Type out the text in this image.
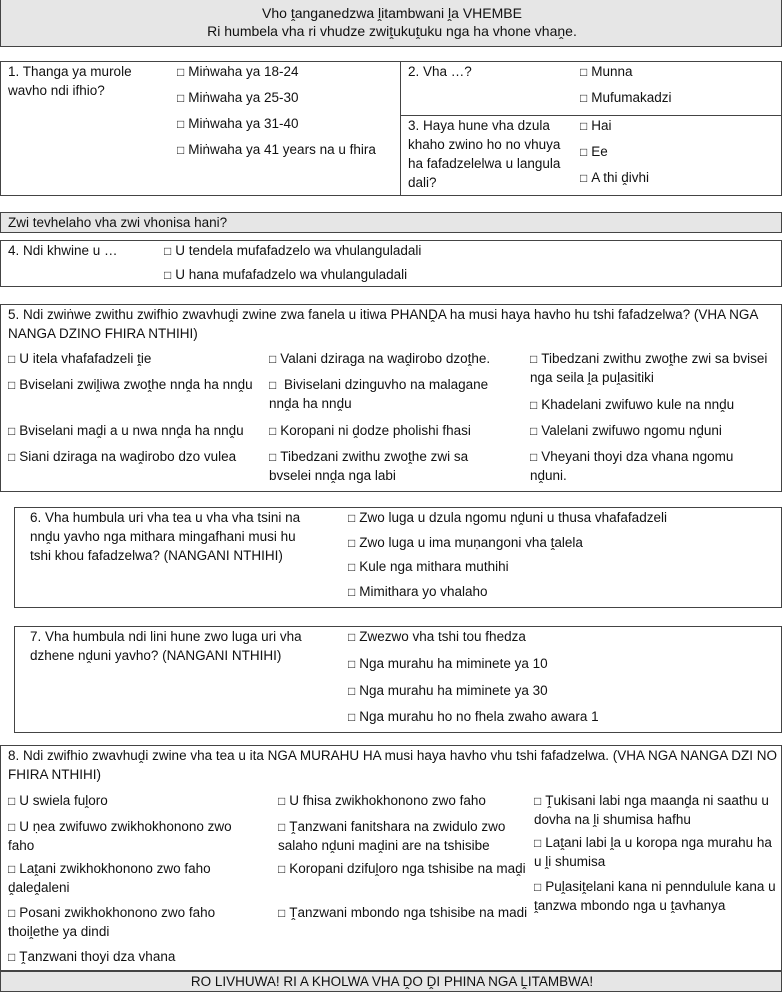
Vho ṱanganedzwa ḽitambwani ḽa VHEMBE
Ri humbela vha ri vhudze zwiṱukuṱuku nga ha vhone vhaṋe.
1. Thanga ya murole wavho ndi ifhio?
□ Miṅwaha ya 18-24
□ Miṅwaha ya 25-30
□ Miṅwaha ya 31-40
□ Miṅwaha ya 41 years na u fhira
2. Vha …?	□ Munna
□ Mufumakadzi
3. Haya hune vha dzula khaho zwino ho no vhuya ha fafadzelelwa u langula dali?
□ Hai
□ Ee
□ A thi ḓivhi
Zwi tevhelaho vha zwi vhonisa hani?
4. Ndi khwine u …	□ U tendela mufafadzelo wa vhulanguladali
□ U hana mufafadzelo wa vhulanguladali
5. Ndi zwiṅwe zwithu zwifhio zwavhuḓi zwine zwa fanela u itiwa PHANḒA ha musi haya havho hu tshi fafadzelwa? (VHA NGA NANGA DZINO FHIRA NTHIHI)
□ U itela vhafafadzeli ṱie
□ Bviselani zwiḽiwa zwoṱhe nnḓa ha nnḓu
□ Bviselani maḓi a u nwa nnḓa ha nnḓu
□ Siani dziraga na waḓirobo dzo vulea
□ Valani dziraga na waḓirobo dzoṱhe.
□ Biviselani dzinguvho na malagane nnḓa ha nnḓu
□ Koropani ni ḓodze pholishi fhasi
□ Tibedzani zwithu zwoṱhe zwi sa bvselei nnḓa nga labi
□ Tibedzani zwithu zwoṱhe zwi sa bvisei nga seila ḽa puḽasitiki
□ Khadelani zwifuwo kule na nnḓu
□ Valelani zwifuwo ngomu nḓuni
□ Vheyani thoyi dza vhana ngomu nḓuni.
6. Vha humbula uri vha tea u vha vha tsini na nnḓu yavho nga mithara mingafhani musi hu tshi khou fafadzelwa? (NANGANI NTHIHI)
□ Zwo luga u dzula ngomu nḓuni u thusa vhafafadzeli
□ Zwo luga u ima muṇangoni vha ṱalela
□ Kule nga mithara muthihi
□ Mimithara yo vhalaho
7. Vha humbula ndi lini hune zwo luga uri vha dzhene nḓuni yavho? (NANGANI NTHIHI)
□ Zwezwo vha tshi tou fhedza
□ Nga murahu ha miminete ya 10
□ Nga murahu ha miminete ya 30
□ Nga murahu ho no fhela zwaho awara 1
8. Ndi zwifhio zwavhuḓi zwine vha tea u ita NGA MURAHU HA musi haya havho vhu tshi fafadzelwa. (VHA NGA NANGA DZI NO FHIRA NTHIHI)
□ U swiela fuḽoro
□ U ṇea zwifuwo zwikhokhonono zwo faho
□ Laṱani zwikhokhonono zwo faho ḓaleḓaleni
□ Posani zwikhokhonono zwo faho thoiḽethe ya dindi
□ Ṱanzwani thoyi dza vhana
□ U fhisa zwikhokhonono zwo faho
□ Ṱanzwani fanitshara na zwidulo zwo salaho nḓuni maḓini are na tshisibe
□ Koropani dzifuḽoro nga tshisibe na maḓi
□ Ṱanzwani mbondo nga tshisibe na madi
□ Ṱukisani labi nga maanḓa ni saathu u dovha na ḽi shumisa hafhu
□ Laṱani labi ḽa u koropa nga murahu ha u ḽi shumisa
□ Puḽasiṱelani kana ni penndulule kana u ṱanzwa mbondo nga u ṱavhanya
RO LIVHUWA! RI A KHOLWA VHA ḒO ḒI PHINA NGA ḼITAMBWA!
